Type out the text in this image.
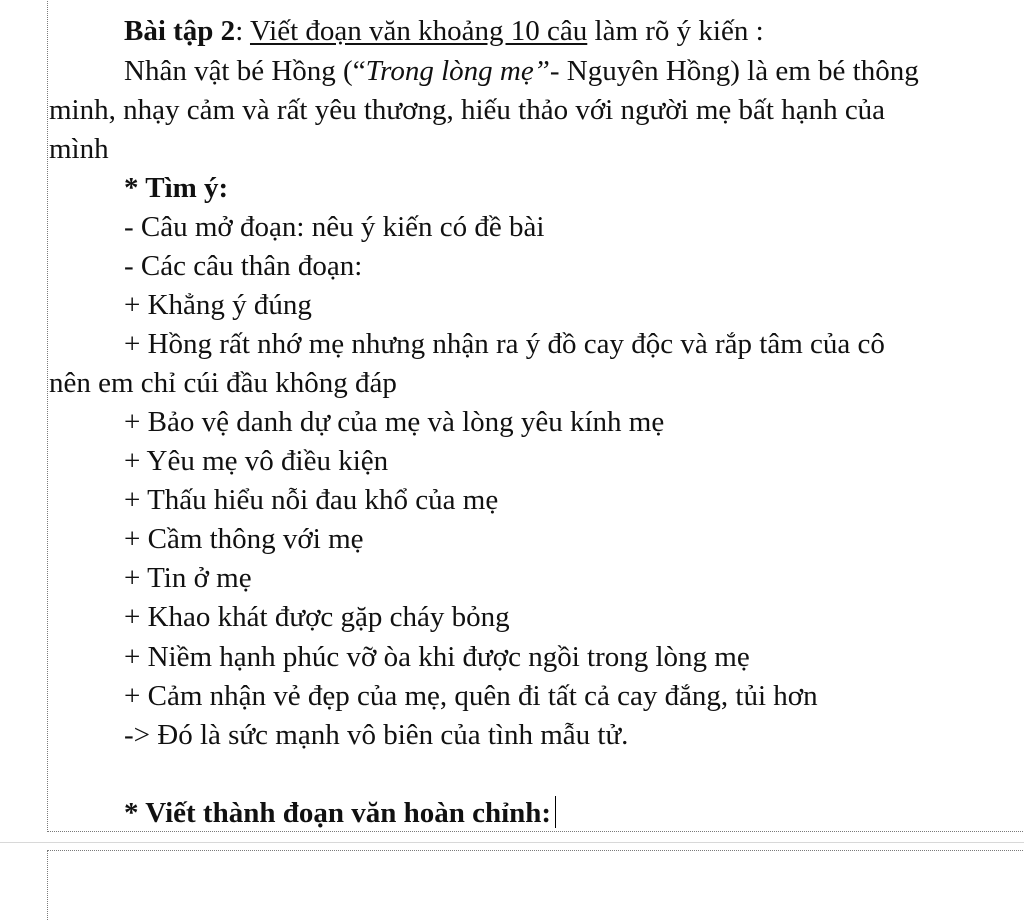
Bài tập 2: Viết đoạn văn khoảng 10 câu làm rõ ý kiến :
Nhân vật bé Hồng (“Trong lòng mẹ”- Nguyên Hồng) là em bé thông
minh, nhạy cảm và rất yêu thương, hiếu thảo với người mẹ bất hạnh của
mình
* Tìm ý:
- Câu mở đoạn: nêu ý kiến có đề bài
- Các câu thân đoạn:
+ Khẳng ý đúng
+ Hồng rất nhớ mẹ nhưng nhận ra ý đồ cay độc và rắp tâm của cô
nên em chỉ cúi đầu không đáp
+ Bảo vệ danh dự của mẹ và lòng yêu kính mẹ
+ Yêu mẹ vô điều kiện
+ Thấu hiểu nỗi đau khổ của mẹ
+ Cầm thông với mẹ
+ Tin ở mẹ
+ Khao khát được gặp cháy bỏng
+ Niềm hạnh phúc vỡ òa khi được ngồi trong lòng mẹ
+ Cảm nhận vẻ đẹp của mẹ, quên đi tất cả cay đắng, tủi hơn
-> Đó là sức mạnh vô biên của tình mẫu tử.
* Viết thành đoạn văn hoàn chỉnh:
